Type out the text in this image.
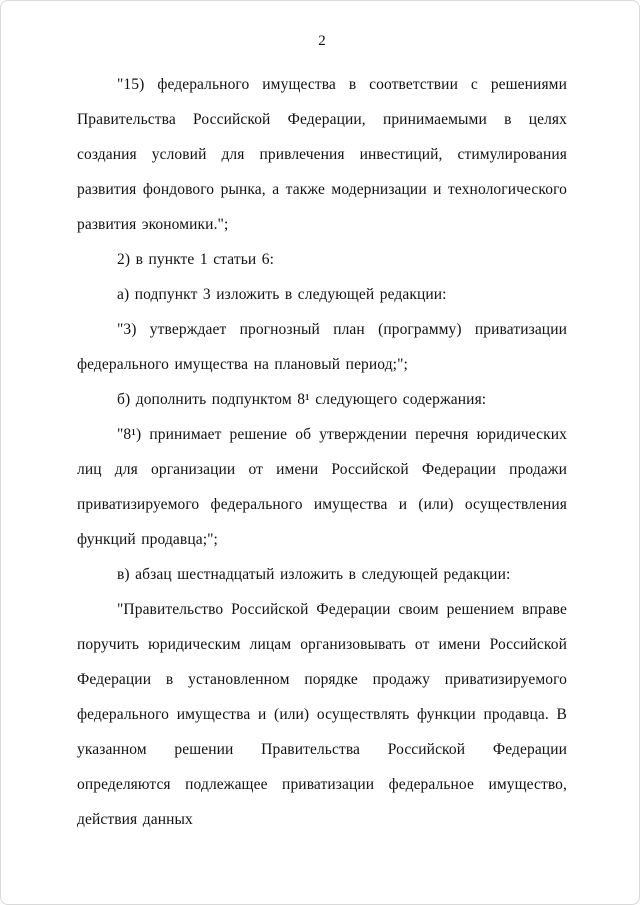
2

"15) федерального имущества в соответствии с решениями Правительства Российской Федерации, принимаемыми в целях создания условий для привлечения инвестиций, стимулирования развития фондового рынка, а также модернизации и технологического развития экономики.";

2) в пункте 1 статьи 6:

а) подпункт 3 изложить в следующей редакции:

"3) утверждает прогнозный план (программу) приватизации федерального имущества на плановый период;";

б) дополнить подпунктом 8¹ следующего содержания:

"8¹) принимает решение об утверждении перечня юридических лиц для организации от имени Российской Федерации продажи приватизируемого федерального имущества и (или) осуществления функций продавца;";

в) абзац шестнадцатый изложить в следующей редакции:

"Правительство Российской Федерации своим решением вправе поручить юридическим лицам организовывать от имени Российской Федерации в установленном порядке продажу приватизируемого федерального имущества и (или) осуществлять функции продавца. В указанном решении Правительства Российской Федерации определяются подлежащее приватизации федеральное имущество, действия данных
